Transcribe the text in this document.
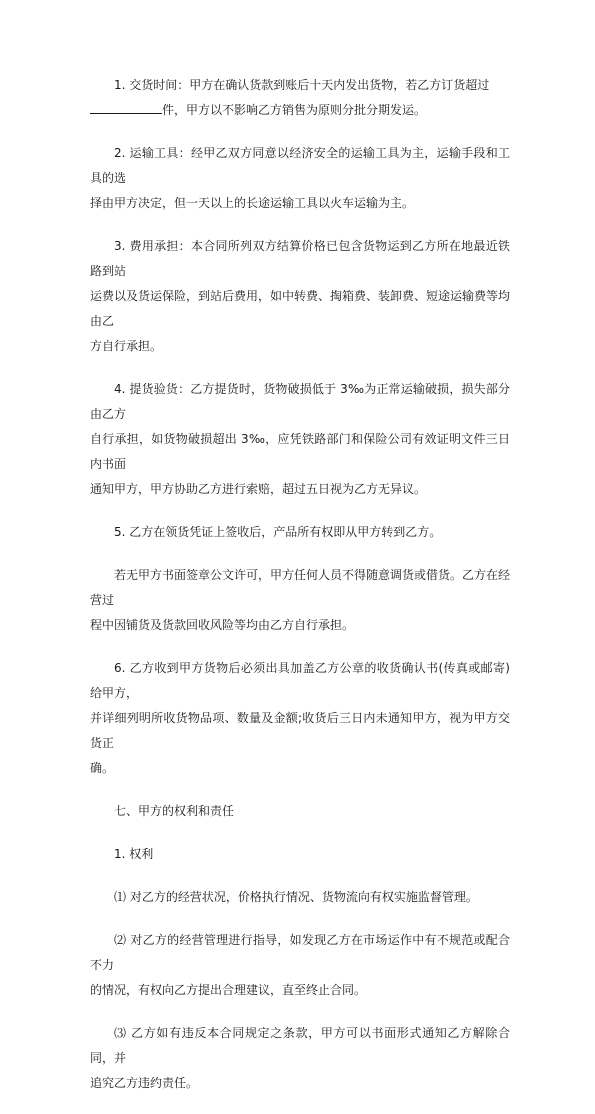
1. 交货时间：甲方在确认货款到账后十天内发出货物，若乙方订货超过
件，甲方以不影响乙方销售为原则分批分期发运。
2. 运输工具：经甲乙双方同意以经济安全的运输工具为主，运输手段和工具的选
择由甲方决定，但一天以上的长途运输工具以火车运输为主。
3. 费用承担：本合同所列双方结算价格已包含货物运到乙方所在地最近铁路到站
运费以及货运保险，到站后费用，如中转费、掏箱费、装卸费、短途运输费等均由乙
方自行承担。
4. 提货验货：乙方提货时，货物破损低于 3‰为正常运输破损，损失部分由乙方
自行承担，如货物破损超出 3‰，应凭铁路部门和保险公司有效证明文件三日内书面
通知甲方，甲方协助乙方进行索赔，超过五日视为乙方无异议。
5. 乙方在领货凭证上签收后，产品所有权即从甲方转到乙方。
若无甲方书面签章公文许可，甲方任何人员不得随意调货或借货。乙方在经营过
程中因铺货及货款回收风险等均由乙方自行承担。
6. 乙方收到甲方货物后必须出具加盖乙方公章的收货确认书(传真或邮寄)给甲方，
并详细列明所收货物品项、数量及金额;收货后三日内未通知甲方，视为甲方交货正
确。
七、甲方的权利和责任
1. 权利
⑴ 对乙方的经营状况，价格执行情况、货物流向有权实施监督管理。
⑵ 对乙方的经营管理进行指导，如发现乙方在市场运作中有不规范或配合不力
的情况，有权向乙方提出合理建议，直至终止合同。
⑶ 乙方如有违反本合同规定之条款，甲方可以书面形式通知乙方解除合同，并
追究乙方违约责任。
